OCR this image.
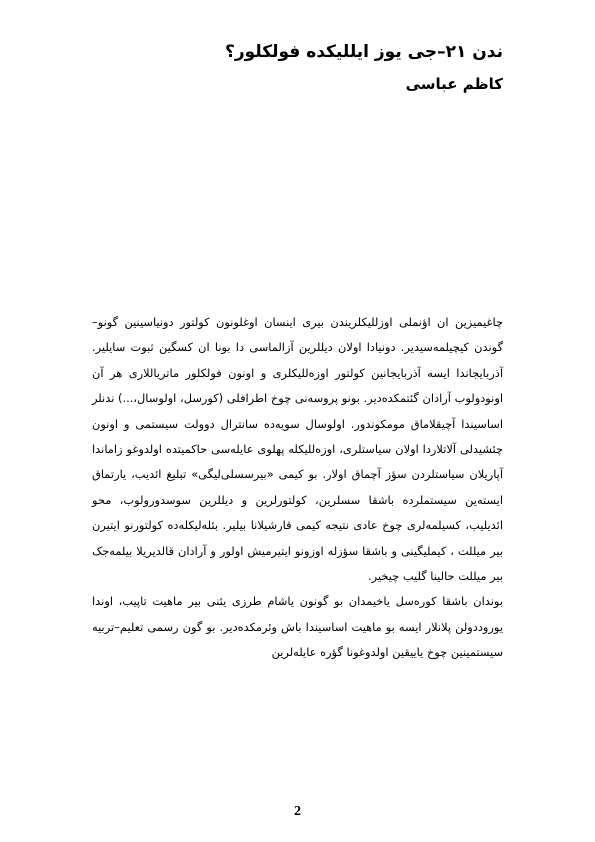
ندن ۲۱–جی یوز ایللیکده فولکلور؟
کاظم عباسی

چاغیمیزین ان اؤنملی اوزللیکلریندن بیری اینسان اوغلونون کولتور دونیاسینین گونو–گوندن کیچیلمه‌سیدیر. دونیادا اولان دیللرین آزالماسی دا بونا ان کسگین ثبوت سایلیر. آذربایجاندا ایسه آذربایجانین کولتور اوزه‌للیکلری و اونون فولکلور ماتریاللاری هر آن اونودولوب آرادان گئتمکده‌دیر. بونو پروسه‌نی چوخ اطرافلی (کورسل، اولوسال،...) ندنلر اساسیندا آچیقلاماق مومکوندور. اولوسال سویه‌ده سانترال دوولت سیستمی و اونون چئشیدلی آلاتلاردا اولان سیاستلری، اوزه‌للیکله پهلوی عایله‌سی حاکمیتده اولدوغو زاماندا آپاریلان سیاستلردن سؤز آچماق اولار. بو کیمی «بیرسسلی‌لیگی» تبلیغ ائدیب، یارتماق ایسته‌ین سیستملرده باشقا سسلرین، کولتورلرین و دیللرین سوسدورولوب، محو ائدیلیب، کسیلمه‌لری چوخ عادی نتیجه کیمی قارشیلانا بیلیر. بئله‌لیکله‌ده کولتورنو ایتیرن بیر میللت ، کیملیگینی و باشقا سؤزله اوزونو ایتیرمیش اولور و آرادان قالدیریلا بیلمه‌جک بیر میللت حالینا گلیب چیخیر.

بوندان باشقا کوره‌سل یاخیمدان بو گونون یاشام طرزی یئنی بیر ماهیت تاپیب، اوندا یوروددولن پلانلار ایسه بو ماهیت اساسیندا باش وئرمکده‌دیر. بو گون رسمی تعلیم–تربیه سیستمینین چوخ یاییقین اولدوغونا گؤره عایله‌لرین

2
